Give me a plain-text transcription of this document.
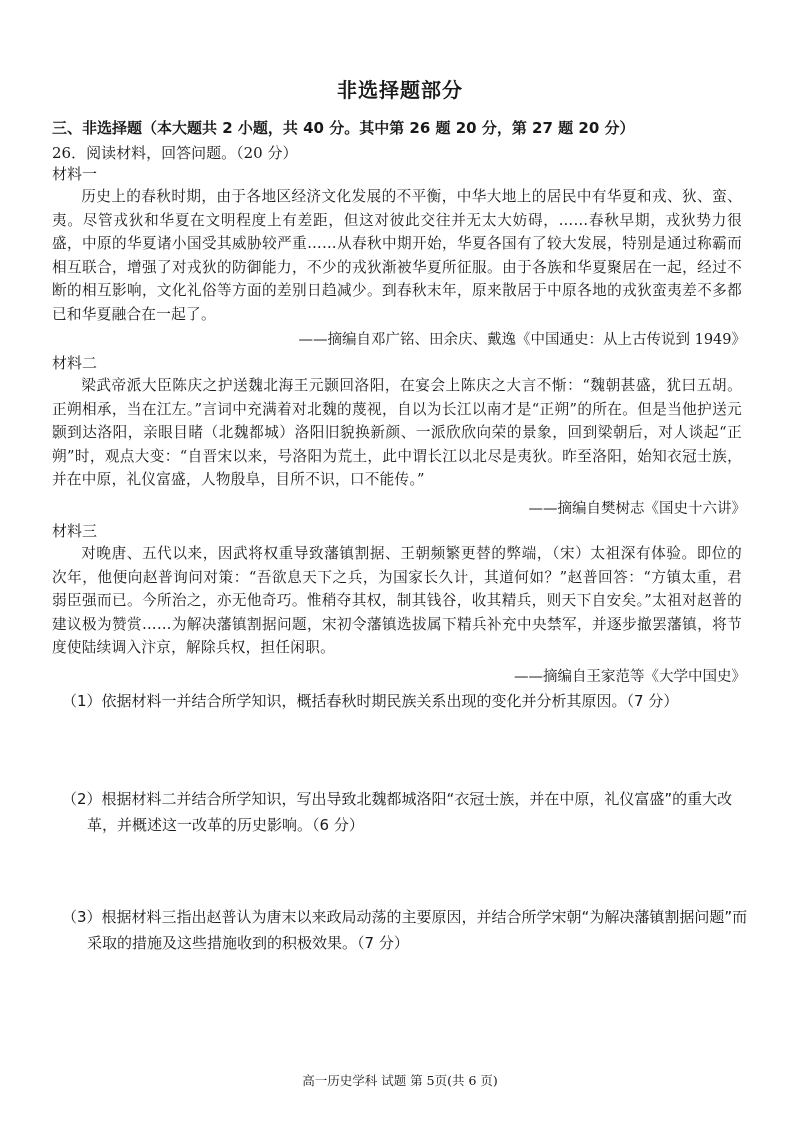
非选择题部分
三、非选择题（本大题共 2 小题，共 40 分。其中第 26 题 20 分，第 27 题 20 分）
26．阅读材料，回答问题。（20 分）
材料一
历史上的春秋时期，由于各地区经济文化发展的不平衡，中华大地上的居民中有华夏和戎、狄、蛮、夷。尽管戎狄和华夏在文明程度上有差距，但这对彼此交往并无太大妨碍，……春秋早期，戎狄势力很盛，中原的华夏诸小国受其威胁较严重……从春秋中期开始，华夏各国有了较大发展，特别是通过称霸而相互联合，增强了对戎狄的防御能力，不少的戎狄渐被华夏所征服。由于各族和华夏聚居在一起，经过不断的相互影响，文化礼俗等方面的差别日趋减少。到春秋末年，原来散居于中原各地的戎狄蛮夷差不多都已和华夏融合在一起了。
——摘编自邓广铭、田余庆、戴逸《中国通史：从上古传说到 1949》
材料二
梁武帝派大臣陈庆之护送魏北海王元颢回洛阳，在宴会上陈庆之大言不惭：“魏朝甚盛，犹曰五胡。正朔相承，当在江左。”言词中充满着对北魏的蔑视，自以为长江以南才是“正朔”的所在。但是当他护送元颢到达洛阳，亲眼目睹（北魏都城）洛阳旧貌换新颜、一派欣欣向荣的景象，回到梁朝后，对人谈起“正朔”时，观点大变：“自晋宋以来，号洛阳为荒土，此中谓长江以北尽是夷狄。昨至洛阳，始知衣冠士族，并在中原，礼仪富盛，人物殷阜，目所不识，口不能传。”
——摘编自樊树志《国史十六讲》
材料三
对晚唐、五代以来，因武将权重导致藩镇割据、王朝频繁更替的弊端，（宋）太祖深有体验。即位的次年，他便向赵普询问对策：“吾欲息天下之兵，为国家长久计，其道何如？”赵普回答：“方镇太重，君弱臣强而已。今所治之，亦无他奇巧。惟稍夺其权，制其钱谷，收其精兵，则天下自安矣。”太祖对赵普的建议极为赞赏……为解决藩镇割据问题，宋初令藩镇选拔属下精兵补充中央禁军，并逐步撤罢藩镇，将节度使陆续调入汴京，解除兵权，担任闲职。
——摘编自王家范等《大学中国史》
（1）依据材料一并结合所学知识，概括春秋时期民族关系出现的变化并分析其原因。（7 分）
（2）根据材料二并结合所学知识，写出导致北魏都城洛阳“衣冠士族，并在中原，礼仪富盛”的重大改革，并概述这一改革的历史影响。（6 分）
（3）根据材料三指出赵普认为唐末以来政局动荡的主要原因，并结合所学宋朝“为解决藩镇割据问题”而采取的措施及这些措施收到的积极效果。（7 分）
高一历史学科 试题 第 5页(共 6 页)
